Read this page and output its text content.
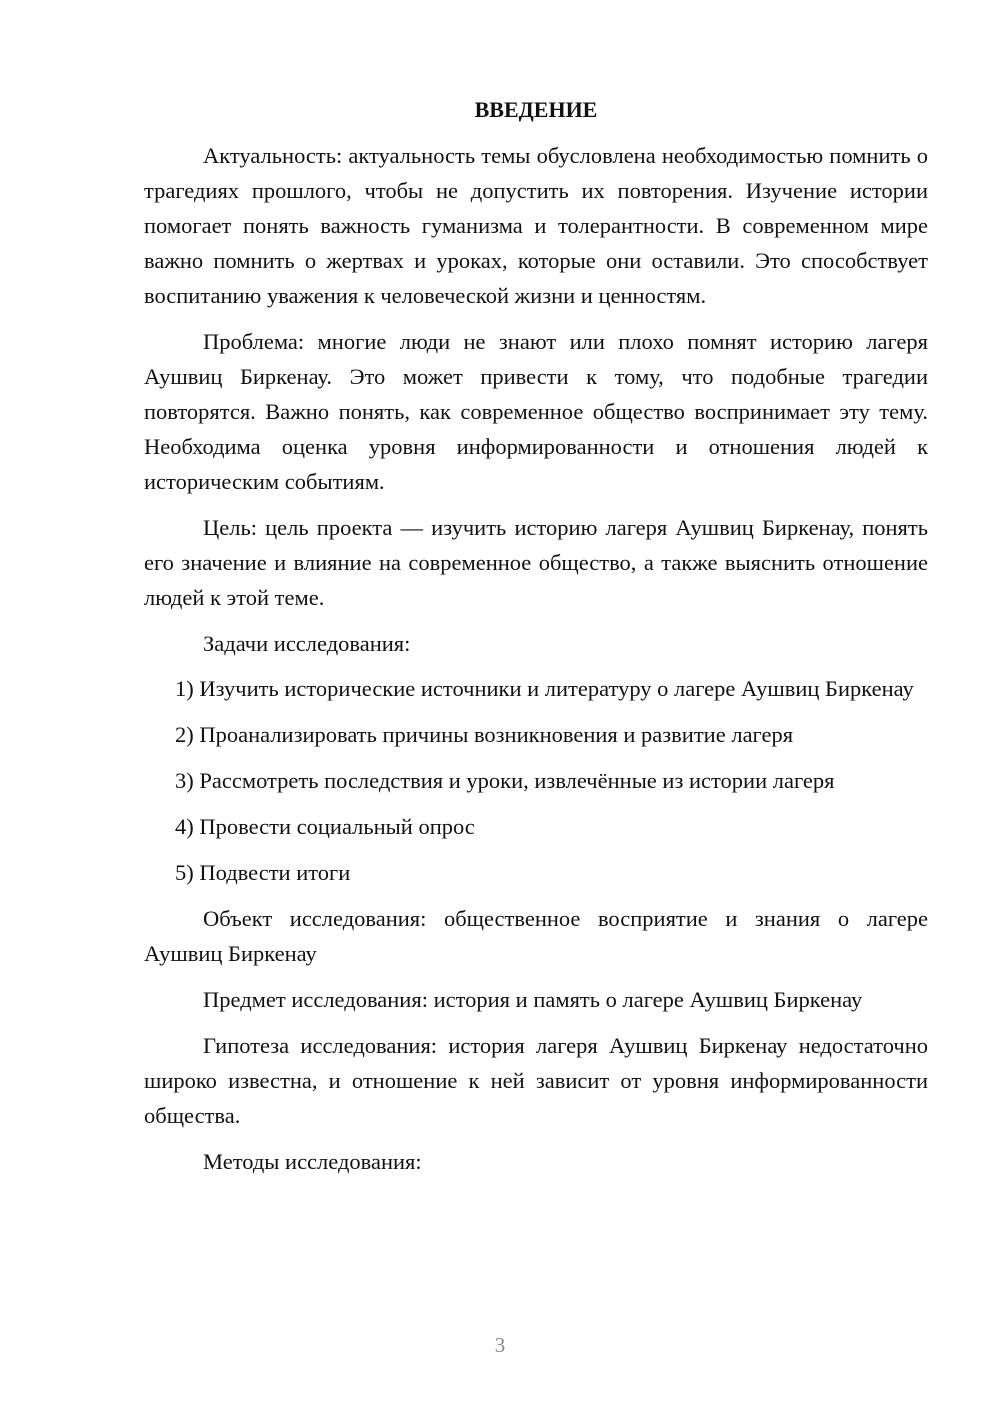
ВВЕДЕНИЕ

Актуальность: актуальность темы обусловлена необходимостью помнить о трагедиях прошлого, чтобы не допустить их повторения. Изучение истории помогает понять важность гуманизма и толерантности. В современном мире важно помнить о жертвах и уроках, которые они оставили. Это способствует воспитанию уважения к человеческой жизни и ценностям.

Проблема: многие люди не знают или плохо помнят историю лагеря Аушвиц Биркенау. Это может привести к тому, что подобные трагедии повторятся. Важно понять, как современное общество воспринимает эту тему. Необходима оценка уровня информированности и отношения людей к историческим событиям.

Цель: цель проекта — изучить историю лагеря Аушвиц Биркенау, понять его значение и влияние на современное общество, а также выяснить отношение людей к этой теме.

Задачи исследования:

1) Изучить исторические источники и литературу о лагере Аушвиц Биркенау

2) Проанализировать причины возникновения и развитие лагеря

3) Рассмотреть последствия и уроки, извлечённые из истории лагеря

4) Провести социальный опрос

5) Подвести итоги

Объект исследования: общественное восприятие и знания о лагере Аушвиц Биркенау

Предмет исследования: история и память о лагере Аушвиц Биркенау

Гипотеза исследования: история лагеря Аушвиц Биркенау недостаточно широко известна, и отношение к ней зависит от уровня информированности общества.

Методы исследования:

3
